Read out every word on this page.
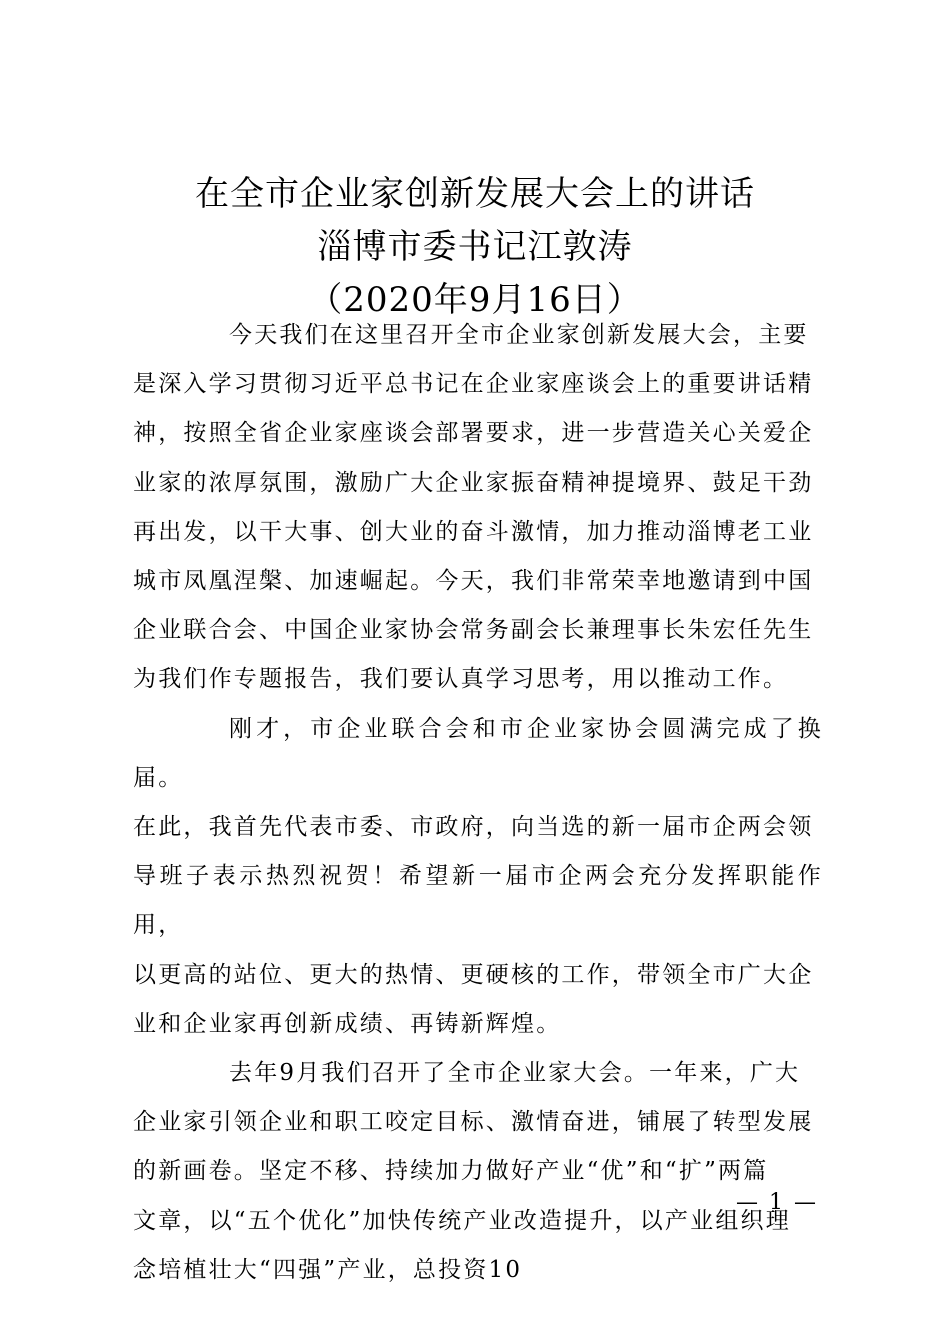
在全市企业家创新发展大会上的讲话
淄博市委书记江敦涛
（2020年9月16日）

今天我们在这里召开全市企业家创新发展大会，主要
是深入学习贯彻习近平总书记在企业家座谈会上的重要讲话精
神，按照全省企业家座谈会部署要求，进一步营造关心关爱企
业家的浓厚氛围，激励广大企业家振奋精神提境界、鼓足干劲
再出发，以干大事、创大业的奋斗激情，加力推动淄博老工业
城市凤凰涅槃、加速崛起。今天，我们非常荣幸地邀请到中国
企业联合会、中国企业家协会常务副会长兼理事长朱宏任先生
为我们作专题报告，我们要认真学习思考，用以推动工作。

刚才，市企业联合会和市企业家协会圆满完成了换届。
在此，我首先代表市委、市政府，向当选的新一届市企两会领
导班子表示热烈祝贺！希望新一届市企两会充分发挥职能作用，
以更高的站位、更大的热情、更硬核的工作，带领全市广大企
业和企业家再创新成绩、再铸新辉煌。

去年9月我们召开了全市企业家大会。一年来，广大
企业家引领企业和职工咬定目标、激情奋进，铺展了转型发展
的新画卷。坚定不移、持续加力做好产业“优”和“扩”两篇
文章，以“五个优化”加快传统产业改造提升，以产业组织理
念培植壮大“四强”产业，总投资10

— 1 —
